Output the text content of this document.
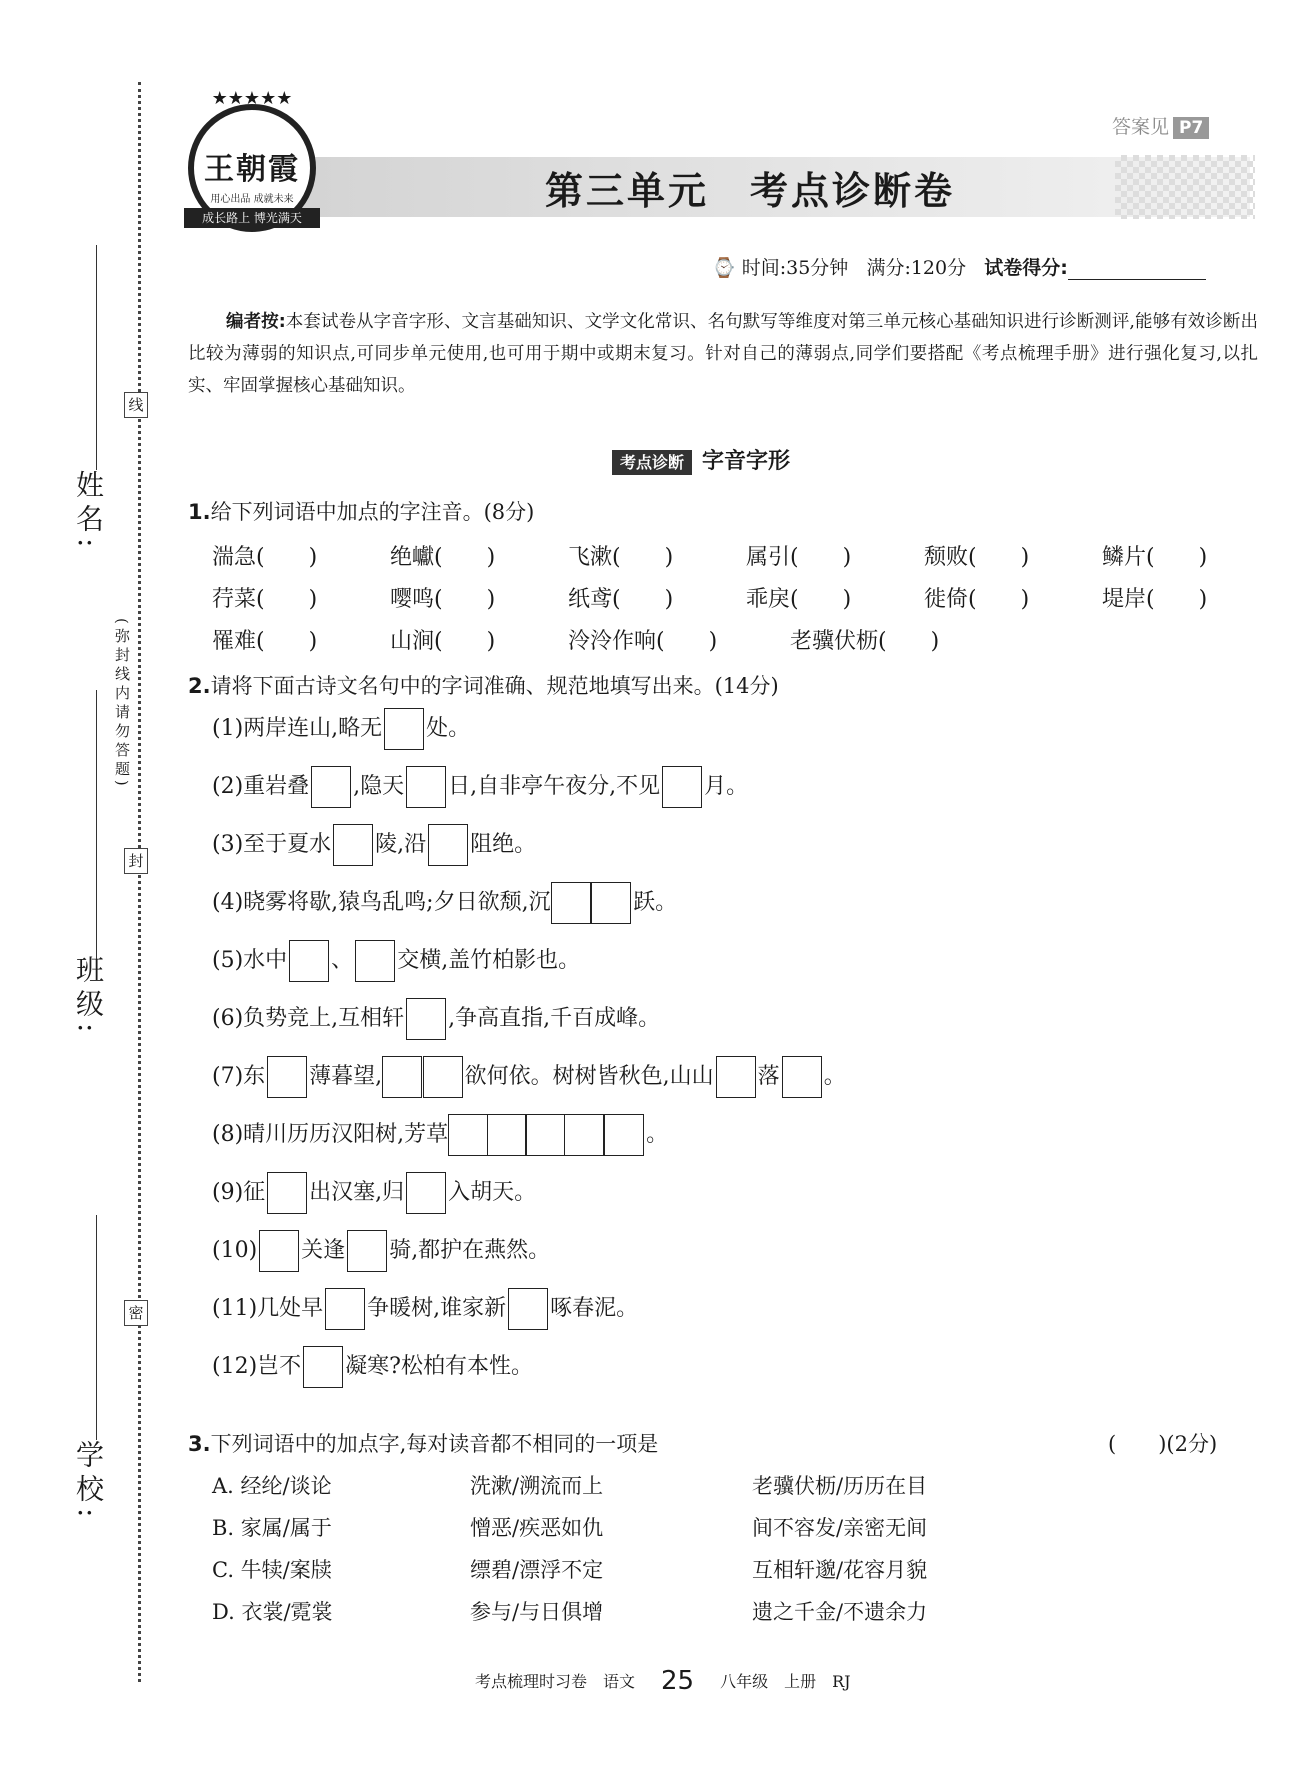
姓名:
班级:
学校:
线
封
密
(弥封线内请勿答题)
★★★★★
王朝霞
用心出品 成就未来
成长路上 博光满天
答案见 P7
第三单元　考点诊断卷
⌚ 时间:35分钟 满分:120分 试卷得分:
编者按:本套试卷从字音字形、文言基础知识、文学文化常识、名句默写等维度对第三单元核心基础知识进行诊断测评,能够有效诊断出比较为薄弱的知识点,可同步单元使用,也可用于期中或期末复习。针对自己的薄弱点,同学们要搭配《考点梳理手册》进行强化复习,以扎实、牢固掌握核心基础知识。
考点诊断 字音字形
1.给下列词语中加点的字注音。(8分)
湍急(　　)	绝巘(　　)	飞漱(　　)	属引(　　)	颓败(　　)	鳞片(　　)
荇菜(　　)	嘤鸣(　　)	纸鸢(　　)	乖戾(　　)	徙倚(　　)	堤岸(　　)
罹难(　　)	山涧(　　)	泠泠作响(　　)	老骥伏枥(　　)
2.请将下面古诗文名句中的字词准确、规范地填写出来。(14分)
(1)两岸连山,略无 处。
(2)重岩叠 ,隐天 日,自非亭午夜分,不见 月。
(3)至于夏水 陵,沿 阻绝。
(4)晓雾将歇,猿鸟乱鸣;夕日欲颓,沉	跃。
(5)水中 、 交横,盖竹柏影也。
(6)负势竞上,互相轩 ,争高直指,千百成峰。
(7)东 薄暮望,	欲何依。树树皆秋色,山山 落 。
(8)晴川历历汉阳树,芳草	。
(9)征 出汉塞,归 入胡天。
(10) 关逢 骑,都护在燕然。
(11)几处早 争暖树,谁家新 啄春泥。
(12)岂不 凝寒?松柏有本性。
3.下列词语中的加点字,每对读音都不相同的一项是	(　　)(2分)
A. 经纶/谈论	洗漱/溯流而上	老骥伏枥/历历在目
B. 家属/属于	憎恶/疾恶如仇	间不容发/亲密无间
C. 牛犊/案牍	缥碧/漂浮不定	互相轩邈/花容月貌
D. 衣裳/霓裳	参与/与日俱增	遗之千金/不遗余力
考点梳理时习卷　语文 25 八年级　上册　RJ
